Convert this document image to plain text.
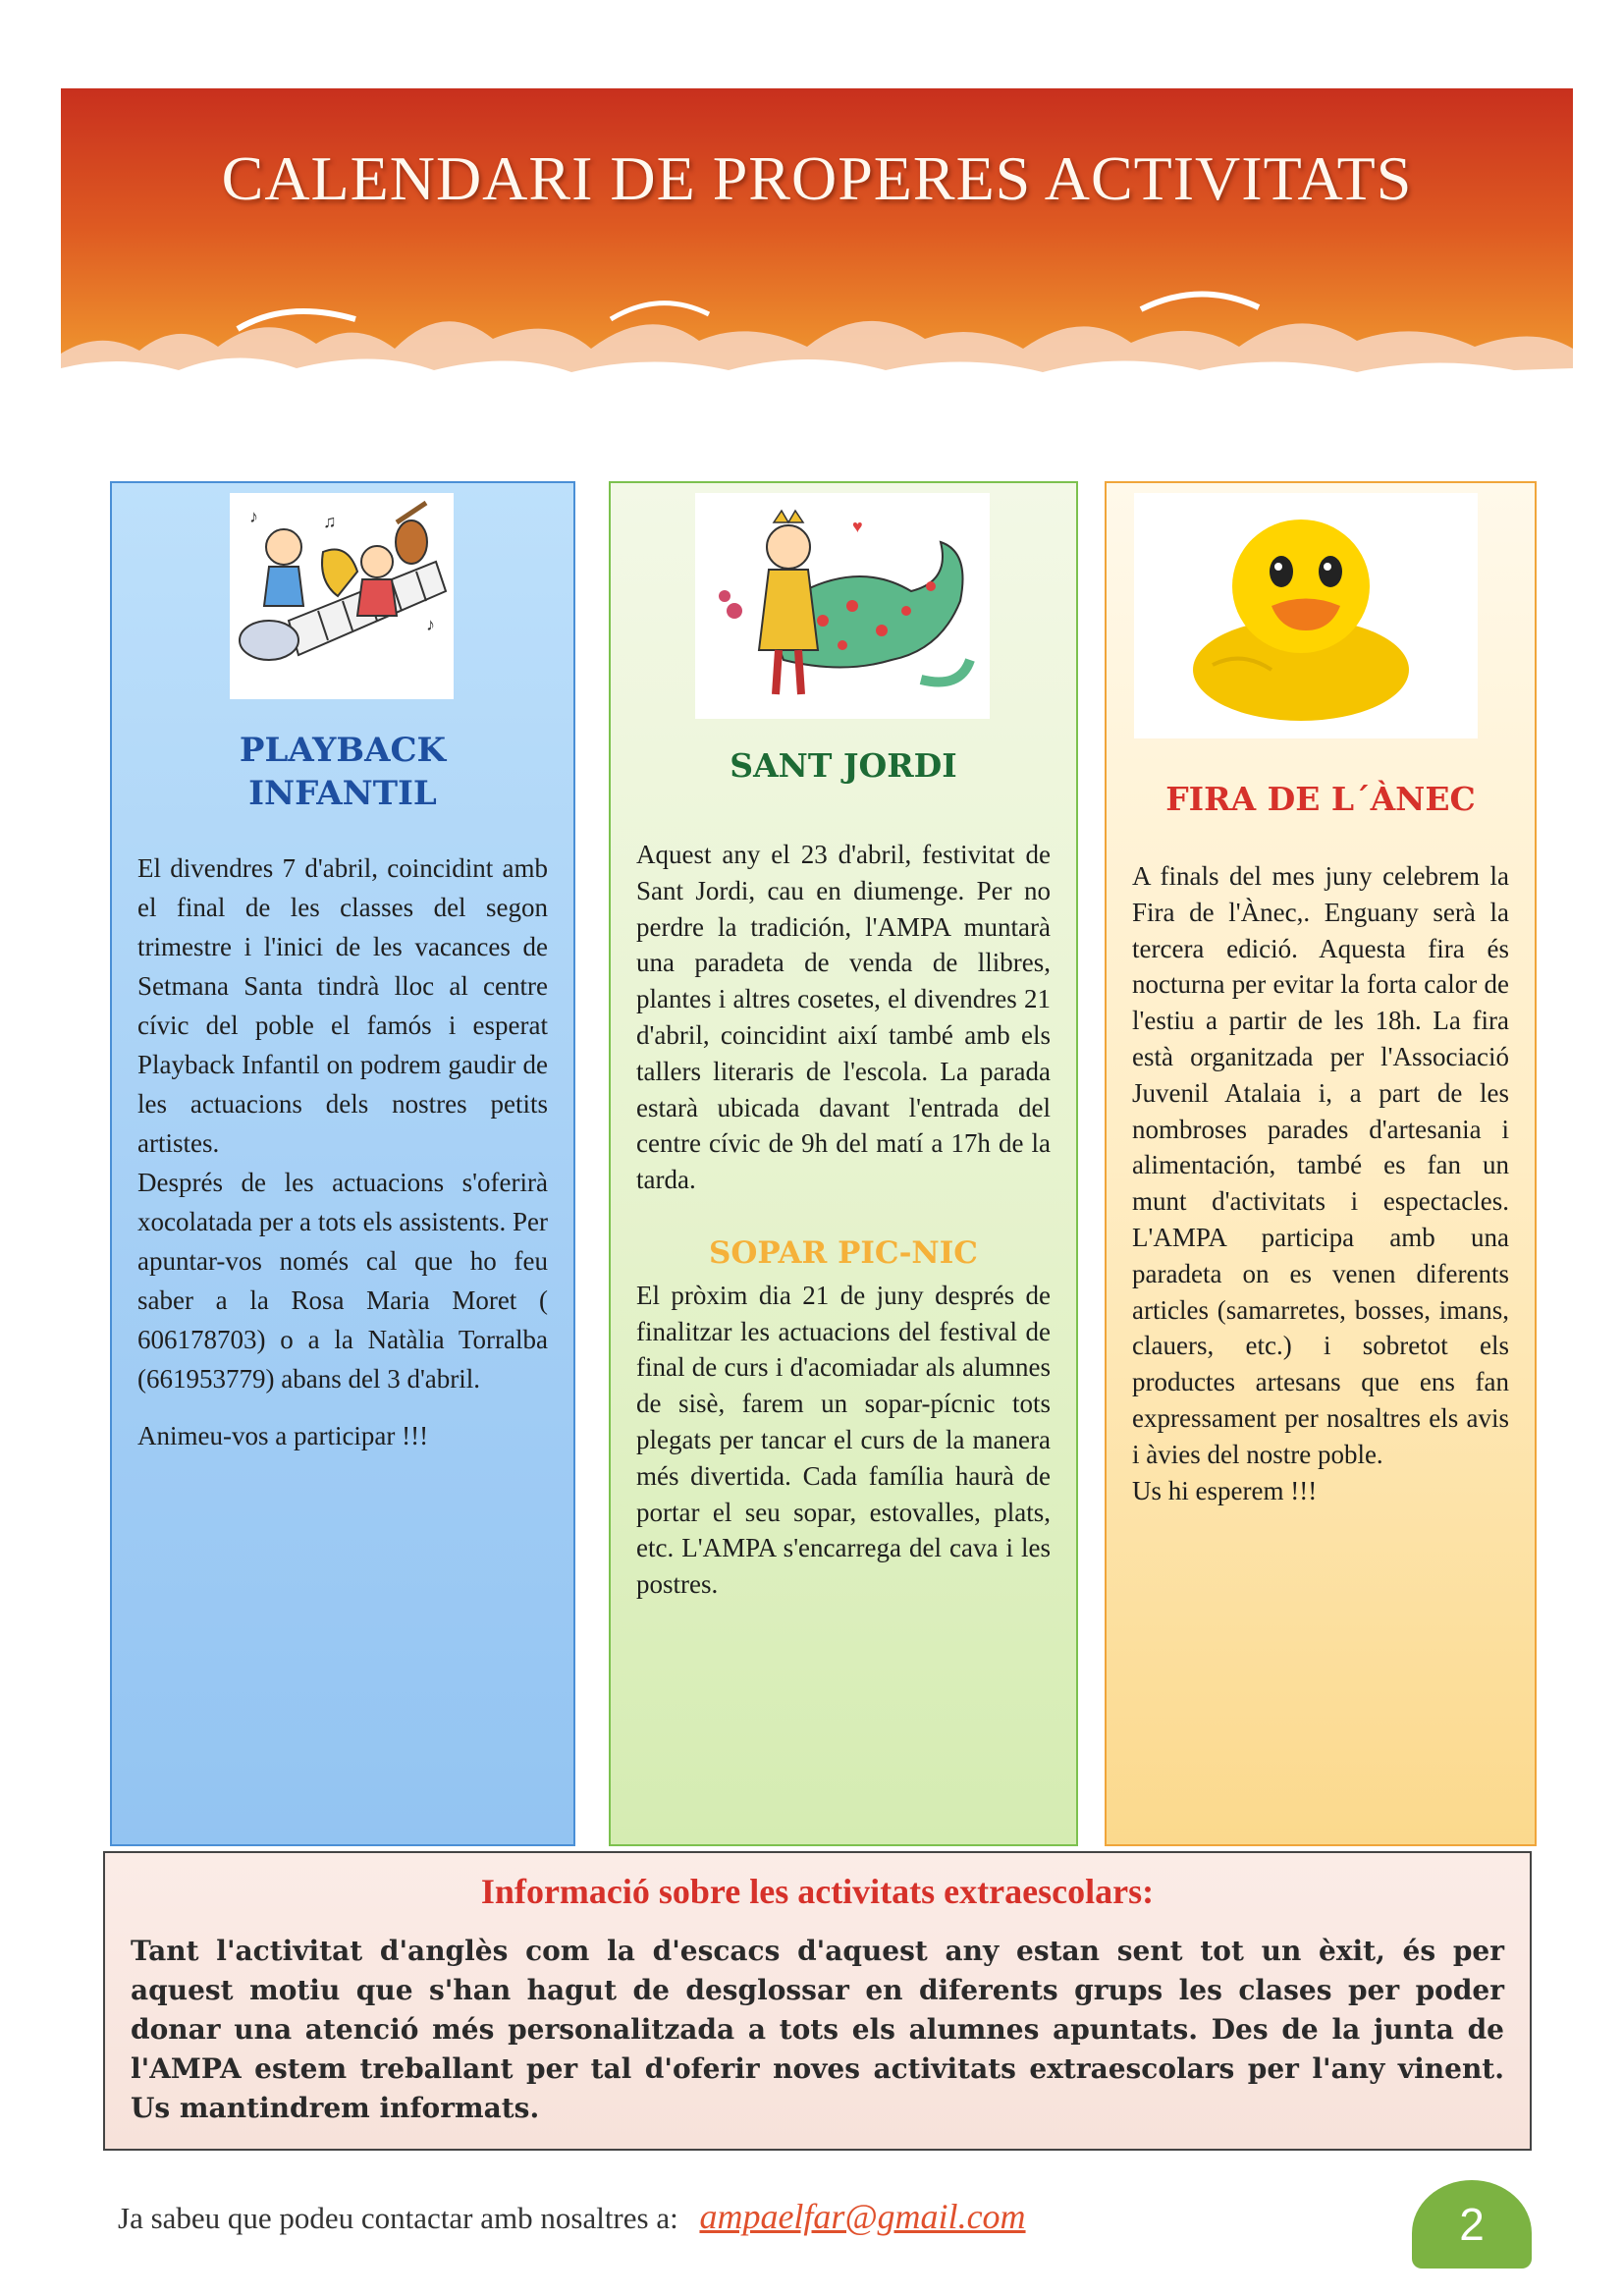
CALENDARI DE PROPERES ACTIVITATS
♪	♫
♪
PLAYBACK
INFANTIL

El divendres 7 d'abril, coincidint amb el final de les classes del segon trimestre i l'inici de les vacances de Setmana Santa tindrà lloc al centre cívic del poble el famós i esperat Playback Infantil on podrem gaudir de les actuacions dels nostres petits artistes.

Després de les actuacions s'oferirà xocolatada per a tots els assistents. Per apuntar-vos només cal que ho feu saber a la Rosa Maria Moret ( 606178703) o a la Natàlia Torralba (661953779) abans del 3 d'abril.

Animeu-vos a participar !!!

♥
SANT JORDI

Aquest any el 23 d'abril, festivitat de Sant Jordi, cau en diumenge. Per no perdre la tradición, l'AMPA muntarà una paradeta de venda de llibres, plantes i altres cosetes, el divendres 21 d'abril, coincidint així també amb els tallers literaris de l'escola. La parada estarà ubicada davant l'entrada del centre cívic de 9h del matí a 17h de la tarda.

SOPAR PIC-NIC

El pròxim dia 21 de juny després de finalitzar les actuacions del festival de final de curs i d'acomiadar als alumnes de sisè, farem un sopar-pícnic tots plegats per tancar el curs de la manera més divertida. Cada família haurà de portar el seu sopar, estovalles, plats, etc. L'AMPA s'encarrega del cava i les postres.

FIRA DE L´ÀNEC

A finals del mes juny celebrem la Fira de l'Ànec,. Enguany serà la tercera edició. Aquesta fira és nocturna per evitar la forta calor de l'estiu a partir de les 18h. La fira està organitzada per l'Associació Juvenil Atalaia i, a part de les nombroses parades d'artesania i alimentación, també es fan un munt d'activitats i espectacles. L'AMPA participa amb una paradeta on es venen diferents articles (samarretes, bosses, imans, clauers, etc.) i sobretot els productes artesans que ens fan expressament per nosaltres els avis i àvies del nostre poble.

Us hi esperem !!!

Informació sobre les activitats extraescolars:
Tant l'activitat d'anglès com la d'escacs d'aquest any estan sent tot un èxit, és per aquest motiu que s'han hagut de desglossar en diferents grups les clases per poder donar una atenció més personalitzada a tots els alumnes apuntats. Des de la junta de l'AMPA estem treballant per tal d'oferir noves activitats extraescolars per l'any vinent. Us mantindrem informats.
Ja sabeu que podeu contactar amb nosaltres a: ampaelfar@gmail.com	2
